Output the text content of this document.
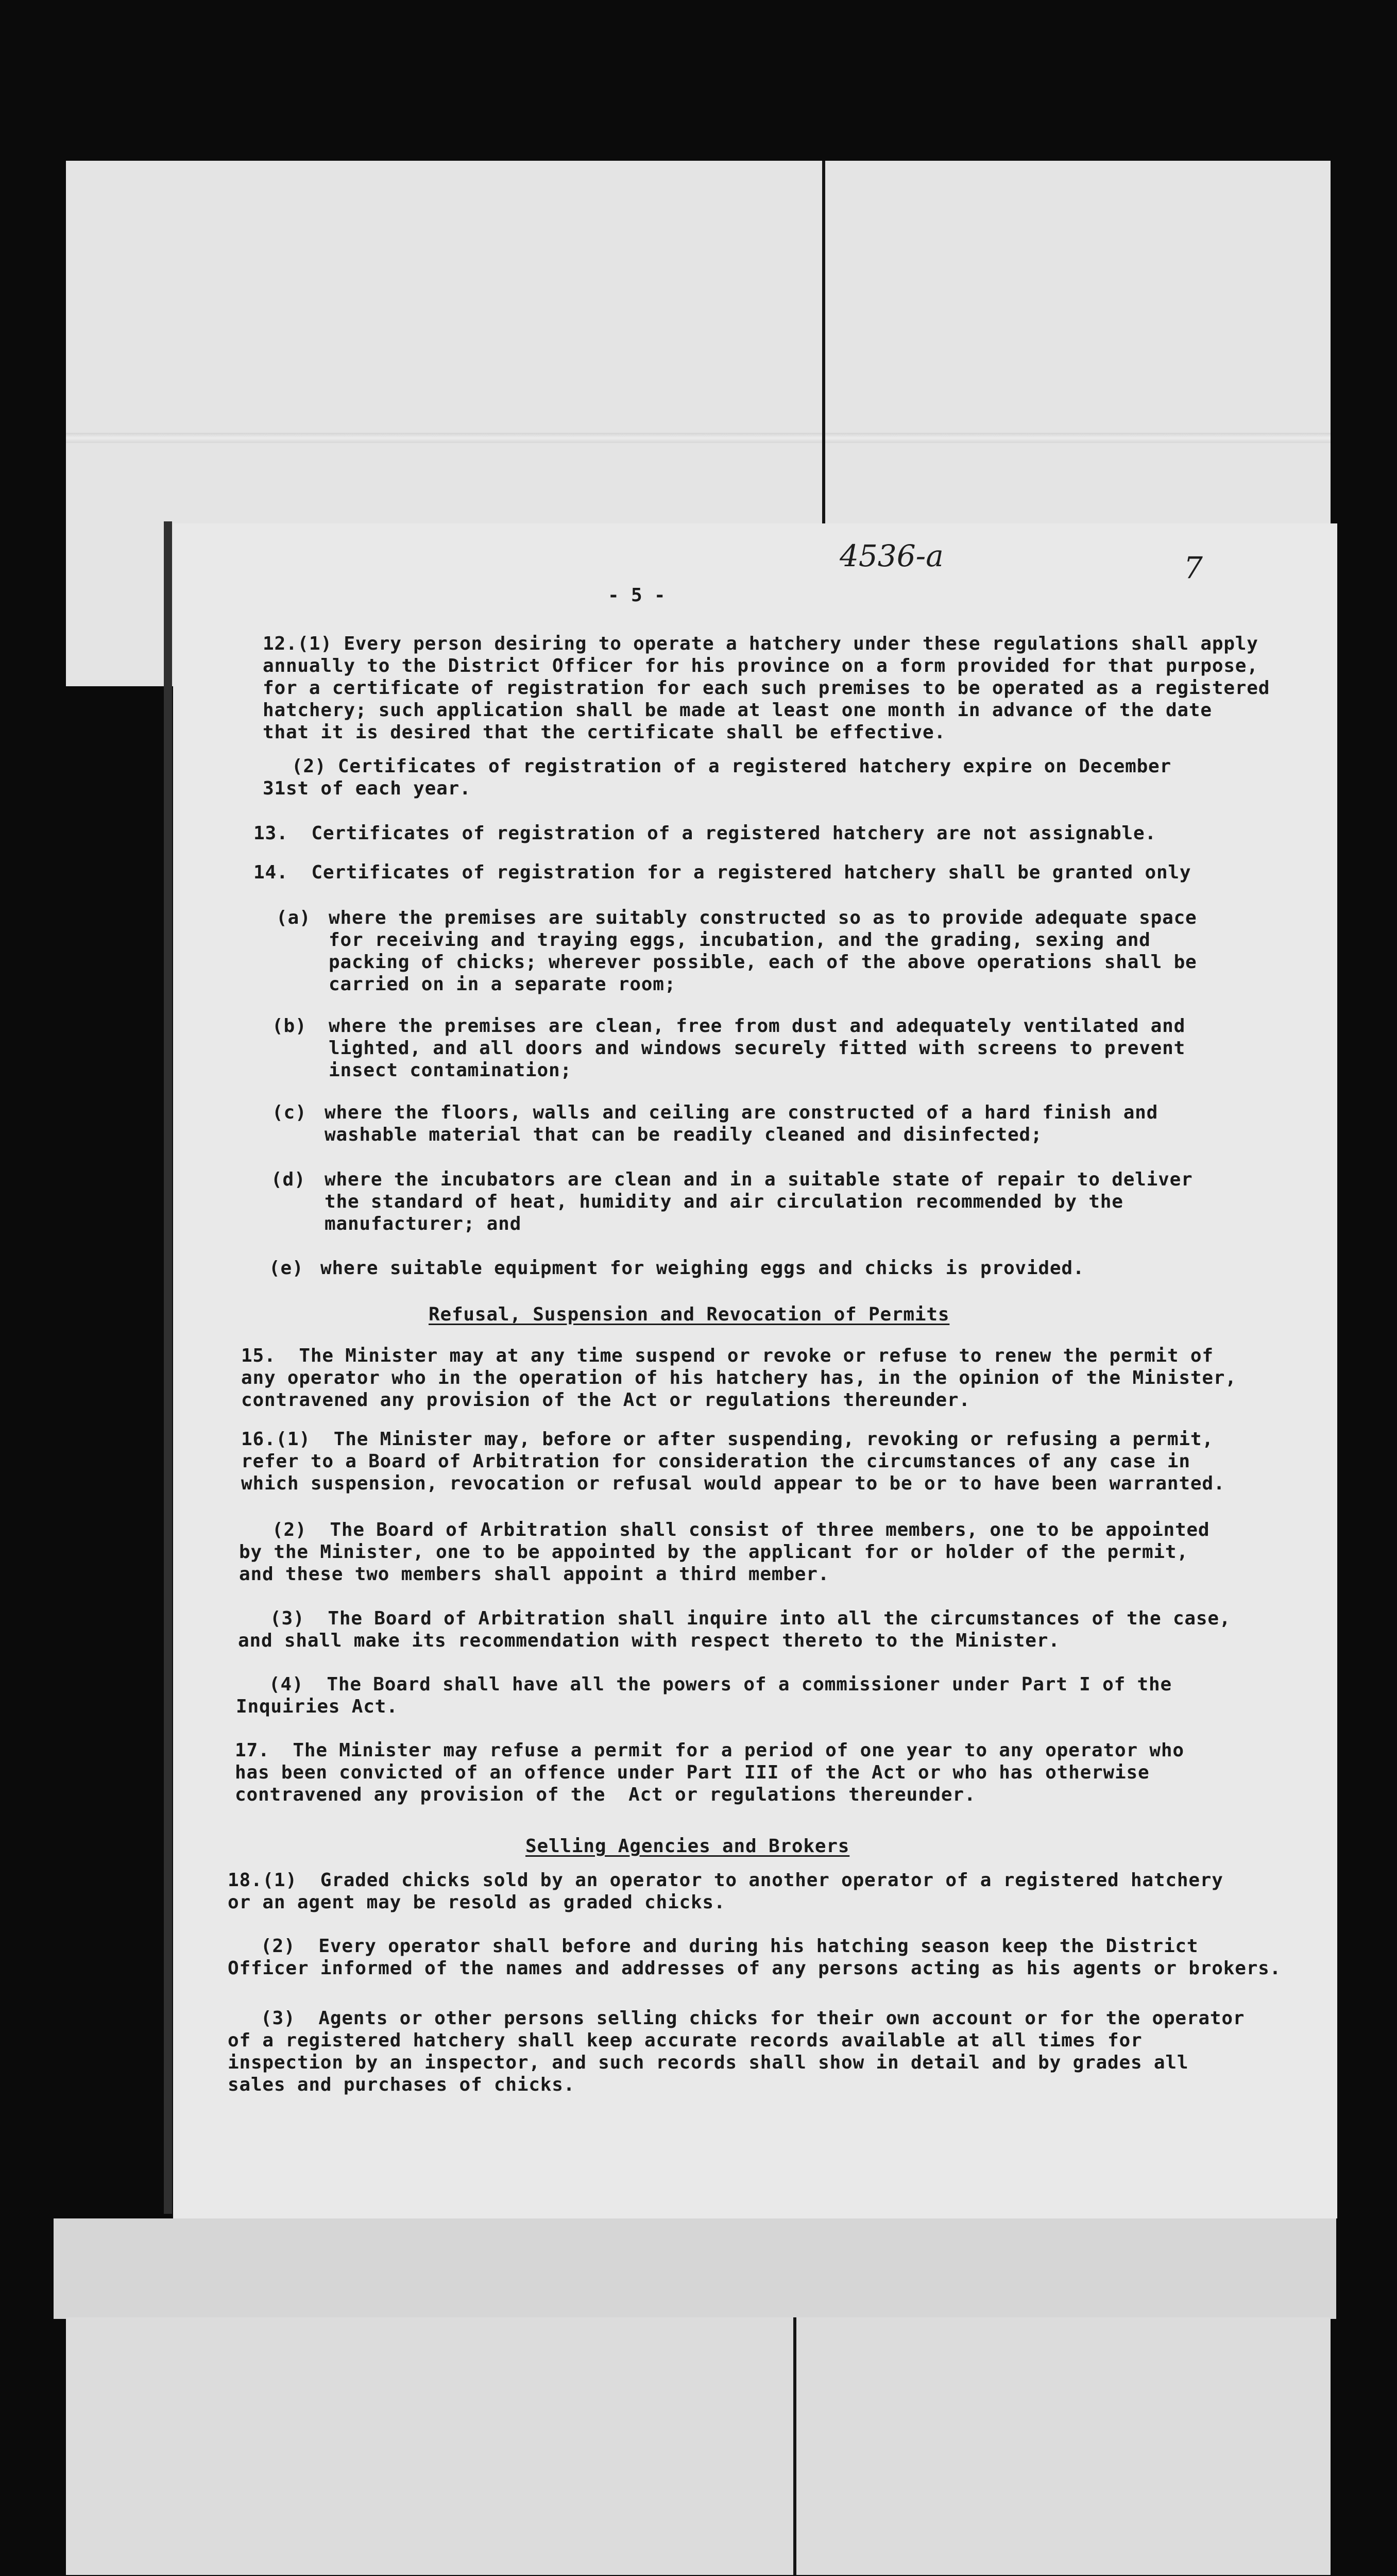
4536-a	7

- 5 -

12.(1) Every person desiring to operate a hatchery under these regulations shall apply

annually to the District Officer for his province on a form provided for that purpose,

for a certificate of registration for each such premises to be operated as a registered

hatchery; such application shall be made at least one month in advance of the date

that it is desired that the certificate shall be effective.

(2) Certificates of registration of a registered hatchery expire on December

31st of each year.

13.  Certificates of registration of a registered hatchery are not assignable.

14.  Certificates of registration for a registered hatchery shall be granted only

(a) where the premises are suitably constructed so as to provide adequate space

for receiving and traying eggs, incubation, and the grading, sexing and

packing of chicks; wherever possible, each of the above operations shall be

carried on in a separate room;

(b) where the premises are clean, free from dust and adequately ventilated and

lighted, and all doors and windows securely fitted with screens to prevent

insect contamination;

(c) where the floors, walls and ceiling are constructed of a hard finish and

washable material that can be readily cleaned and disinfected;

(d) where the incubators are clean and in a suitable state of repair to deliver

the standard of heat, humidity and air circulation recommended by the

manufacturer; and

(e) where suitable equipment for weighing eggs and chicks is provided.

Refusal, Suspension and Revocation of Permits

15.  The Minister may at any time suspend or revoke or refuse to renew the permit of

any operator who in the operation of his hatchery has, in the opinion of the Minister,

contravened any provision of the Act or regulations thereunder.

16.(1)  The Minister may, before or after suspending, revoking or refusing a permit,

refer to a Board of Arbitration for consideration the circumstances of any case in

which suspension, revocation or refusal would appear to be or to have been warranted.

(2)  The Board of Arbitration shall consist of three members, one to be appointed

by the Minister, one to be appointed by the applicant for or holder of the permit,

and these two members shall appoint a third member.

(3)  The Board of Arbitration shall inquire into all the circumstances of the case,

and shall make its recommendation with respect thereto to the Minister.

(4)  The Board shall have all the powers of a commissioner under Part I of the

Inquiries Act.

17.  The Minister may refuse a permit for a period of one year to any operator who

has been convicted of an offence under Part III of the Act or who has otherwise

contravened any provision of the  Act or regulations thereunder.

Selling Agencies and Brokers

18.(1)  Graded chicks sold by an operator to another operator of a registered hatchery

or an agent may be resold as graded chicks.

(2)  Every operator shall before and during his hatching season keep the District

Officer informed of the names and addresses of any persons acting as his agents or brokers.

(3)  Agents or other persons selling chicks for their own account or for the operator

of a registered hatchery shall keep accurate records available at all times for

inspection by an inspector, and such records shall show in detail and by grades all

sales and purchases of chicks.
